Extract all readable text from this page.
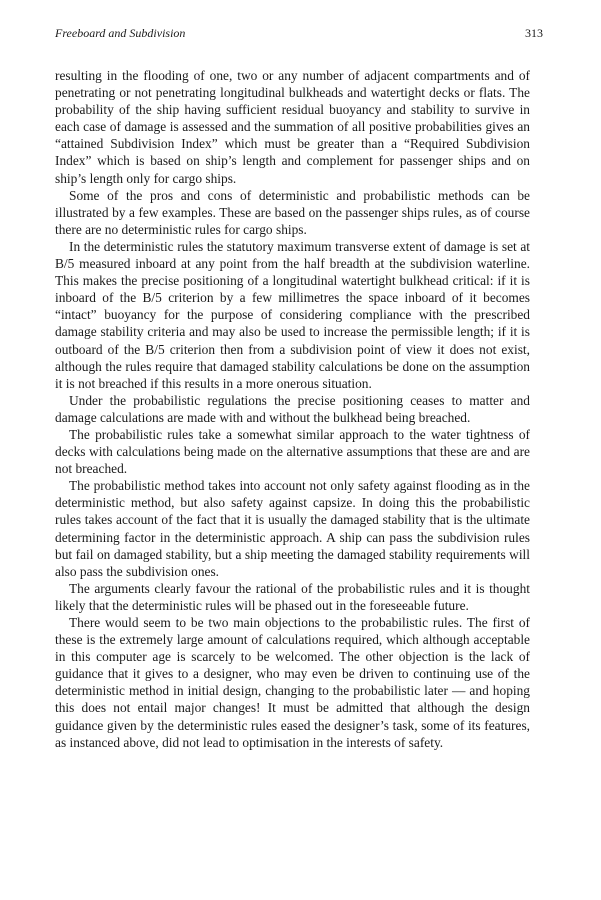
Freeboard and Subdivision	313

resulting in the flooding of one, two or any number of adjacent compartments and of penetrating or not penetrating longitudinal bulkheads and watertight decks or flats. The probability of the ship having sufficient residual buoyancy and stability to survive in each case of damage is assessed and the summation of all positive probabilities gives an “attained Subdivision Index” which must be greater than a “Required Subdivision Index” which is based on ship’s length and complement for passenger ships and on ship’s length only for cargo ships.

Some of the pros and cons of deterministic and probabilistic methods can be illustrated by a few examples. These are based on the passenger ships rules, as of course there are no deterministic rules for cargo ships.

In the deterministic rules the statutory maximum transverse extent of damage is set at B/5 measured inboard at any point from the half breadth at the subdivision waterline. This makes the precise positioning of a longitudinal watertight bulkhead critical: if it is inboard of the B/5 criterion by a few millimetres the space inboard of it becomes “intact” buoyancy for the purpose of considering compliance with the prescribed damage stability criteria and may also be used to increase the permissible length; if it is outboard of the B/5 criterion then from a subdivision point of view it does not exist, although the rules require that damaged stability calculations be done on the assumption it is not breached if this results in a more onerous situation.

Under the probabilistic regulations the precise positioning ceases to matter and damage calculations are made with and without the bulkhead being breached.

The probabilistic rules take a somewhat similar approach to the water tightness of decks with calculations being made on the alternative assumptions that these are and are not breached.

The probabilistic method takes into account not only safety against flooding as in the deterministic method, but also safety against capsize. In doing this the probabilistic rules takes account of the fact that it is usually the damaged stability that is the ultimate determining factor in the deterministic approach. A ship can pass the subdivision rules but fail on damaged stability, but a ship meeting the damaged stability requirements will also pass the subdivision ones.

The arguments clearly favour the rational of the probabilistic rules and it is thought likely that the deterministic rules will be phased out in the foreseeable future.

There would seem to be two main objections to the probabilistic rules. The first of these is the extremely large amount of calculations required, which although acceptable in this computer age is scarcely to be welcomed. The other objection is the lack of guidance that it gives to a designer, who may even be driven to continuing use of the deterministic method in initial design, changing to the probabilistic later — and hoping this does not entail major changes! It must be admitted that although the design guidance given by the deterministic rules eased the designer’s task, some of its features, as instanced above, did not lead to optimisation in the interests of safety.
